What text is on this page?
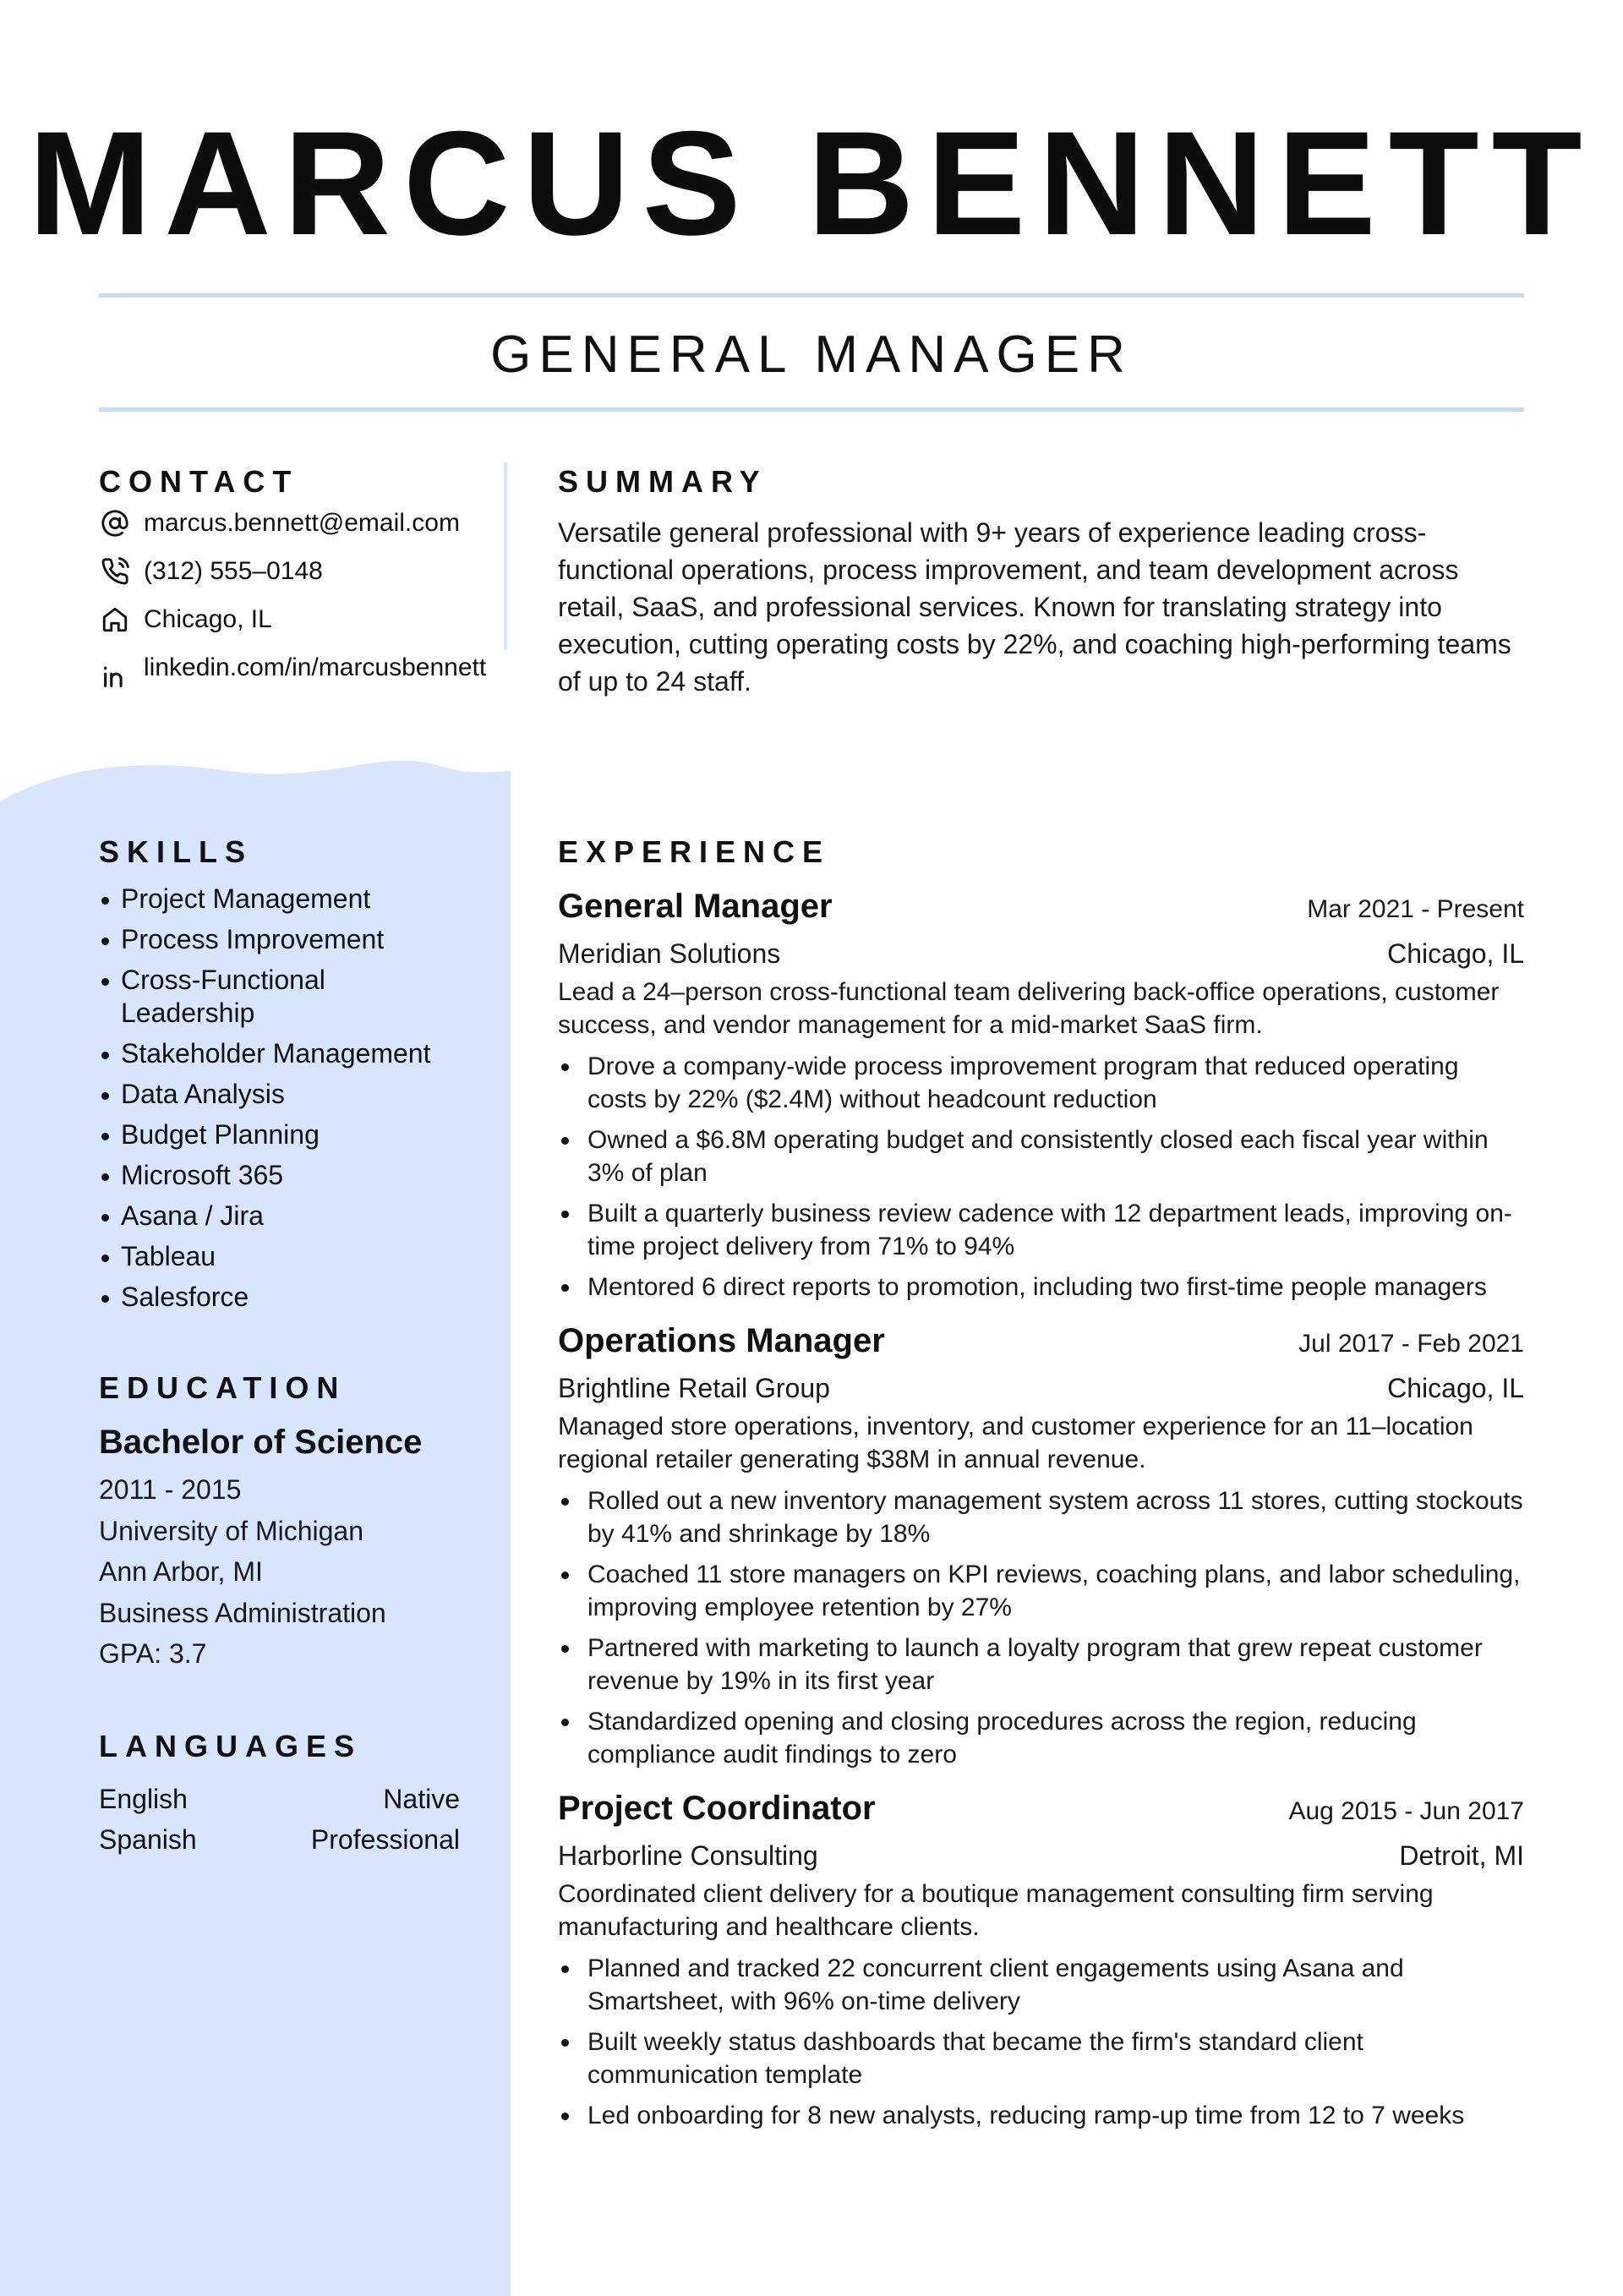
MARCUS BENNETT
GENERAL MANAGER
CONTACT
marcus.bennett@email.com
(312) 555–0148
Chicago, IL
linkedin.com/in/marcusbennett
SUMMARY

Versatile general professional with 9+ years of experience leading cross-functional operations, process improvement, and team development across retail, SaaS, and professional services. Known for translating strategy into execution, cutting operating costs by 22%, and coaching high-performing teams of up to 24 staff.

SKILLS
Project Management
Process Improvement
Cross-Functional Leadership
Stakeholder Management
Data Analysis
Budget Planning
Microsoft 365
Asana / Jira
Tableau
Salesforce
EDUCATION

Bachelor of Science

2011 - 2015

University of Michigan

Ann Arbor, MI

Business Administration

GPA: 3.7

LANGUAGES
English	Native
Spanish	Professional
EXPERIENCE
General Manager	Mar 2021 - Present
Meridian Solutions	Chicago, IL

Lead a 24–person cross-functional team delivering back-office operations, customer success, and vendor management for a mid-market SaaS firm.

Drove a company-wide process improvement program that reduced operating costs by 22% ($2.4M) without headcount reduction
Owned a $6.8M operating budget and consistently closed each fiscal year within 3% of plan
Built a quarterly business review cadence with 12 department leads, improving on-time project delivery from 71% to 94%
Mentored 6 direct reports to promotion, including two first-time people managers
Operations Manager	Jul 2017 - Feb 2021
Brightline Retail Group	Chicago, IL

Managed store operations, inventory, and customer experience for an 11–location regional retailer generating $38M in annual revenue.

Rolled out a new inventory management system across 11 stores, cutting stockouts by 41% and shrinkage by 18%
Coached 11 store managers on KPI reviews, coaching plans, and labor scheduling, improving employee retention by 27%
Partnered with marketing to launch a loyalty program that grew repeat customer revenue by 19% in its first year
Standardized opening and closing procedures across the region, reducing compliance audit findings to zero
Project Coordinator	Aug 2015 - Jun 2017
Harborline Consulting	Detroit, MI

Coordinated client delivery for a boutique management consulting firm serving manufacturing and healthcare clients.

Planned and tracked 22 concurrent client engagements using Asana and Smartsheet, with 96% on-time delivery
Built weekly status dashboards that became the firm's standard client communication template
Led onboarding for 8 new analysts, reducing ramp-up time from 12 to 7 weeks
